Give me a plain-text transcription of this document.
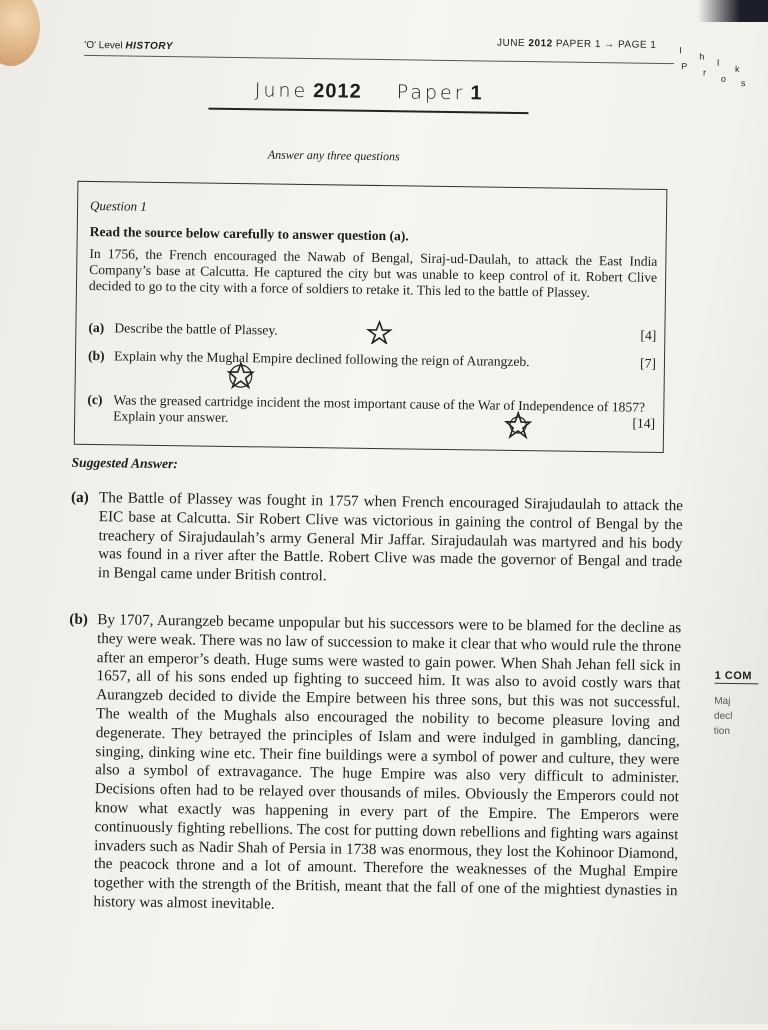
'O' Level HISTORY	JUNE 2012 PAPER 1 → PAGE 1	I
h
l
k
P
r
o s
June 2012 Paper 1
Answer any three questions
Question 1
Read the source below carefully to answer question (a).
In 1756, the French encouraged the Nawab of Bengal, Siraj-ud-Daulah, to attack the East India Company’s base at Calcutta. He captured the city but was unable to keep control of it. Robert Clive decided to go to the city with a force of soldiers to retake it. This led to the battle of Plassey.
(a) Describe the battle of Plassey.	[4]
(b) Explain why the Mughal Empire declined following the reign of Aurangzeb.	[7]
(c) Was the greased cartridge incident the most important cause of the War of Independence of 1857? Explain your answer.	[14]
Suggested Answer:
(a) The Battle of Plassey was fought in 1757 when French encouraged Sirajudaulah to attack the EIC base at Calcutta. Sir Robert Clive was victorious in gaining the control of Bengal by the treachery of Sirajudaulah’s army General Mir Jaffar. Sirajudaulah was martyred and his body was found in a river after the Battle. Robert Clive was made the governor of Bengal and trade in Bengal came under British control.
(b) By 1707, Aurangzeb became unpopular but his successors were to be blamed for the decline as they were weak. There was no law of succession to make it clear that who would rule the throne after an emperor’s death. Huge sums were wasted to gain power. When Shah Jehan fell sick in 1657, all of his sons ended up fighting to succeed him. It was also to avoid costly wars that Aurangzeb decided to divide the Empire between his three sons, but this was not successful. The wealth of the Mughals also encouraged the nobility to become pleasure loving and degenerate. They betrayed the principles of Islam and were indulged in gambling, dancing, singing, dinking wine etc. Their fine buildings were a symbol of power and culture, they were also a symbol of extravagance. The huge Empire was also very difficult to administer. Decisions often had to be relayed over thousands of miles. Obviously the Emperors could not know what exactly was happening in every part of the Empire. The Emperors were continuously fighting rebellions. The cost for putting down rebellions and fighting wars against invaders such as Nadir Shah of Persia in 1738 was enormous, they lost the Kohinoor Diamond, the peacock throne and a lot of amount. Therefore the weaknesses of the Mughal Empire together with the strength of the British, meant that the fall of one of the mightiest dynasties in history was almost inevitable.
1 COM
Maj
decl
tion
